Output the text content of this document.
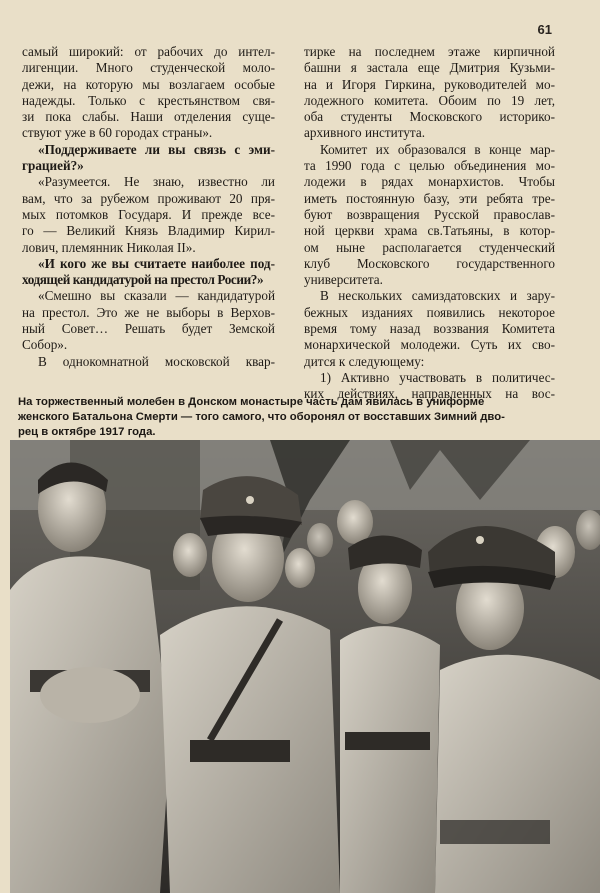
61

самый широкий: от рабочих до интел-
лигенции. Много студенческой моло-
дежи, на которую мы возлагаем особые
надежды. Только с крестьянством свя-
зи пока слабы. Наши отделения суще-
ствуют уже в 60 городах страны».

«Поддерживаете ли вы связь с эми-
грацией?»

«Разумеется. Не знаю, известно ли
вам, что за рубежом проживают 20 пря-
мых потомков Государя. И прежде все-
го — Великий Князь Владимир Кирил-
лович, племянник Николая II».

«И кого же вы считаете наиболее под-
ходящей кандидатурой на престол Росии?»

«Смешно вы сказали — кандидатурой
на престол. Это же не выборы в Верхов-
ный Совет… Решать будет Земской
Собор».

В однокомнатной московской квар-

тирке на последнем этаже кирпичной
башни я застала еще Дмитрия Кузьми-
на и Игоря Гиркина, руководителей мо-
лодежного комитета. Обоим по 19 лет,
оба студенты Московского историко-
архивного института.

Комитет их образовался в конце мар-
та 1990 года с целью объединения мо-
лодежи в рядах монархистов. Чтобы
иметь постоянную базу, эти ребята тре-
буют возвращения Русской православ-
ной церкви храма св.Татьяны, в котор-
ом ныне располагается студенческий
клуб Московского государственного
университета.

В нескольких самиздатовских и зару-
бежных изданиях появились некоторое
время тому назад воззвания Комитета
монархической молодежи. Суть их сво-
дится к следующему:

1) Активно участвовать в политичес-
ких действиях, направленных на вос-

На торжественный молебен в Донском монастыре часть дам явилась в униформе
женского Батальона Смерти — того самого, что оборонял от восставших Зимний дво-
рец в октябре 1917 года.
